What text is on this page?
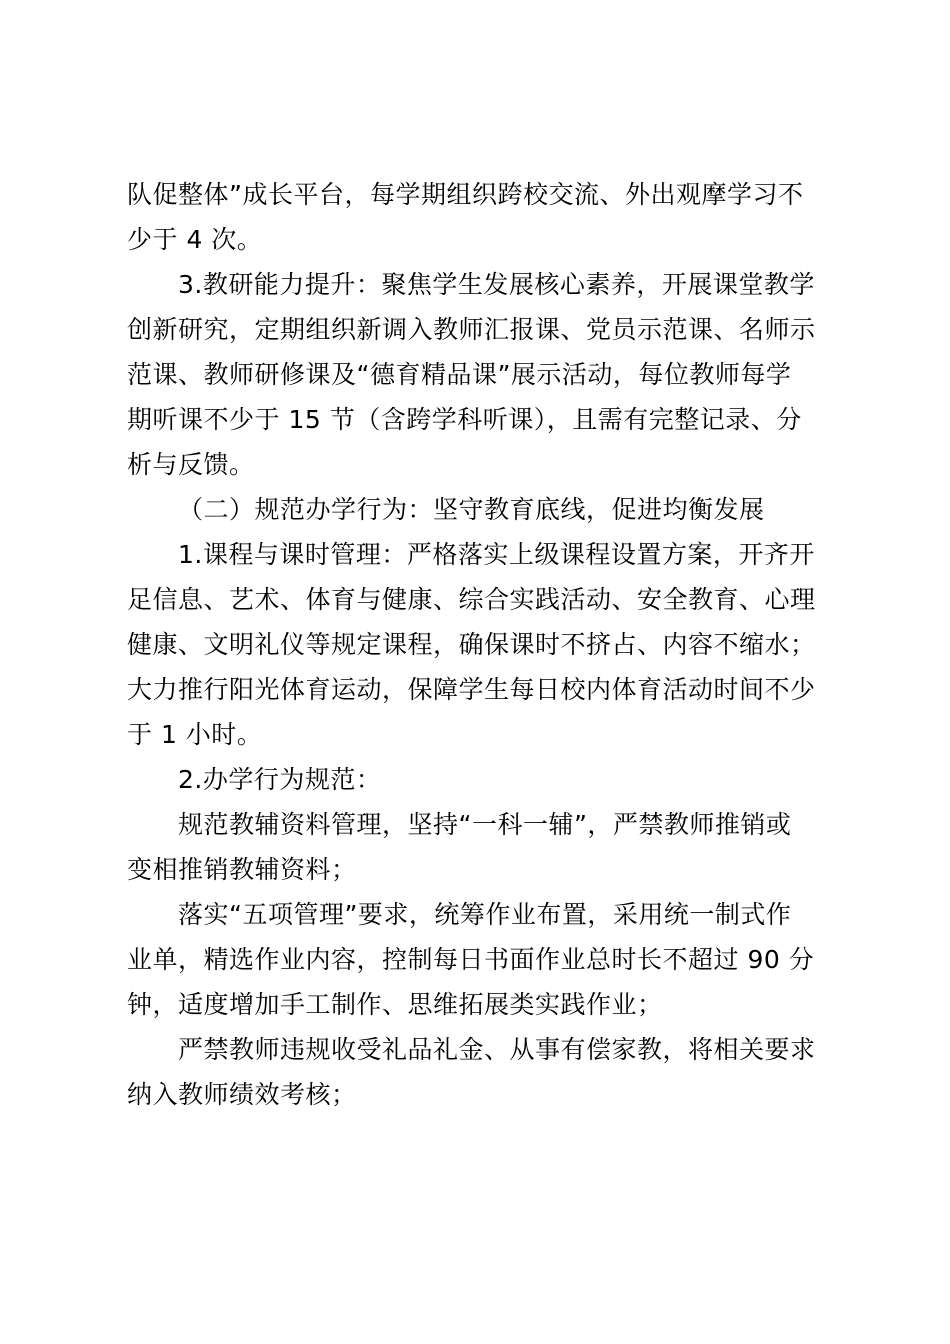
队促整体”成长平台，每学期组织跨校交流、外出观摩学习不
少于 4 次。
3.教研能力提升：聚焦学生发展核心素养，开展课堂教学
创新研究，定期组织新调入教师汇报课、党员示范课、名师示
范课、教师研修课及“德育精品课”展示活动，每位教师每学
期听课不少于 15 节（含跨学科听课），且需有完整记录、分
析与反馈。
（二）规范办学行为：坚守教育底线，促进均衡发展
1.课程与课时管理：严格落实上级课程设置方案，开齐开
足信息、艺术、体育与健康、综合实践活动、安全教育、心理
健康、文明礼仪等规定课程，确保课时不挤占、内容不缩水；
大力推行阳光体育运动，保障学生每日校内体育活动时间不少
于 1 小时。
2.办学行为规范：
规范教辅资料管理，坚持“一科一辅”，严禁教师推销或
变相推销教辅资料；
落实“五项管理”要求，统筹作业布置，采用统一制式作
业单，精选作业内容，控制每日书面作业总时长不超过 90 分
钟，适度增加手工制作、思维拓展类实践作业；
严禁教师违规收受礼品礼金、从事有偿家教，将相关要求
纳入教师绩效考核；
